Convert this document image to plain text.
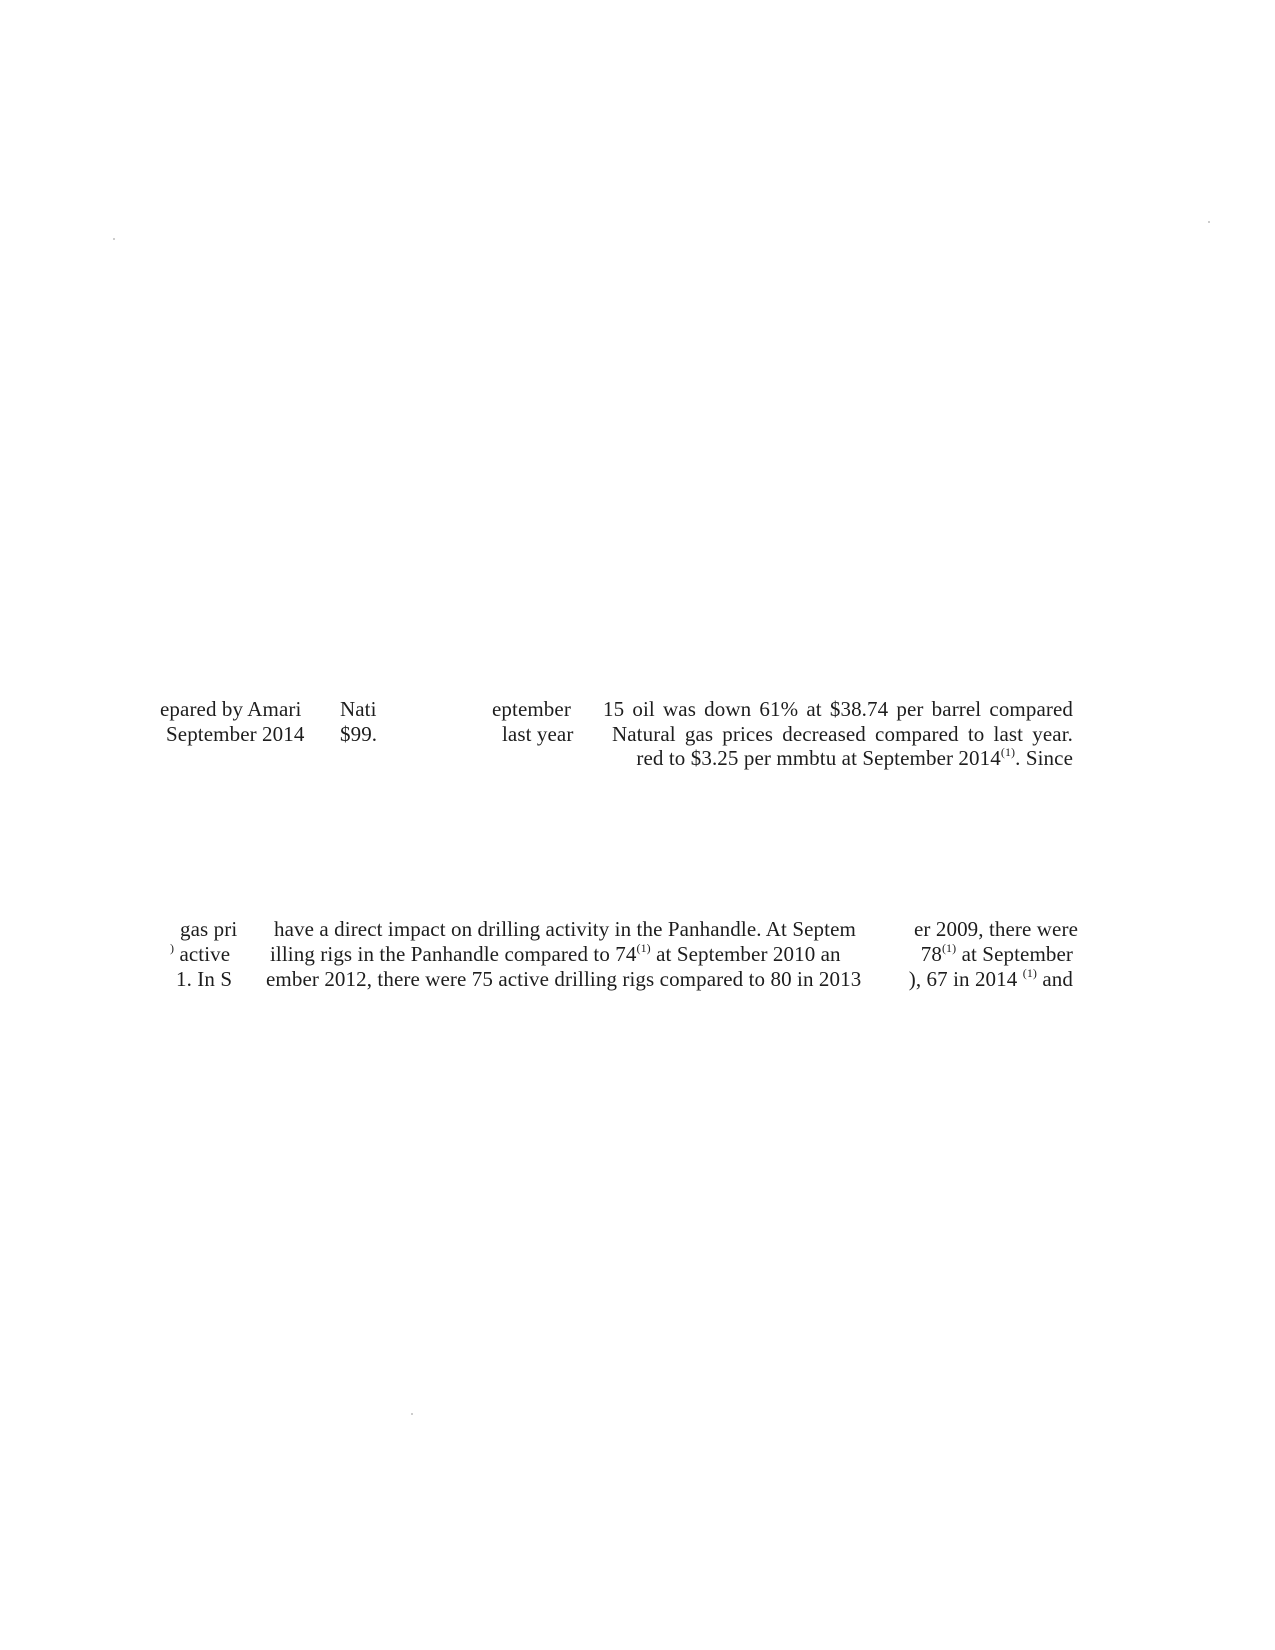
epared by Amari Nati	eptember 15 oil was down 61% at $38.74 per barrel compared
September 2014 $99.	last year Natural gas prices decreased compared to last year.
red to $3.25 per mmbtu at September 2014$^{(1)}$. Since
gas pri have a direct impact on drilling activity in the Panhandle. At Septem	er 2009, there were
) active illing rigs in the Panhandle compared to 74$^{(1)}$ at September 2010 an	78$^{(1)}$ at September
1. In S ember 2012, there were 75 active drilling rigs compared to 80 in 2013	), 67 in 2014 $^{(1)}$ and
